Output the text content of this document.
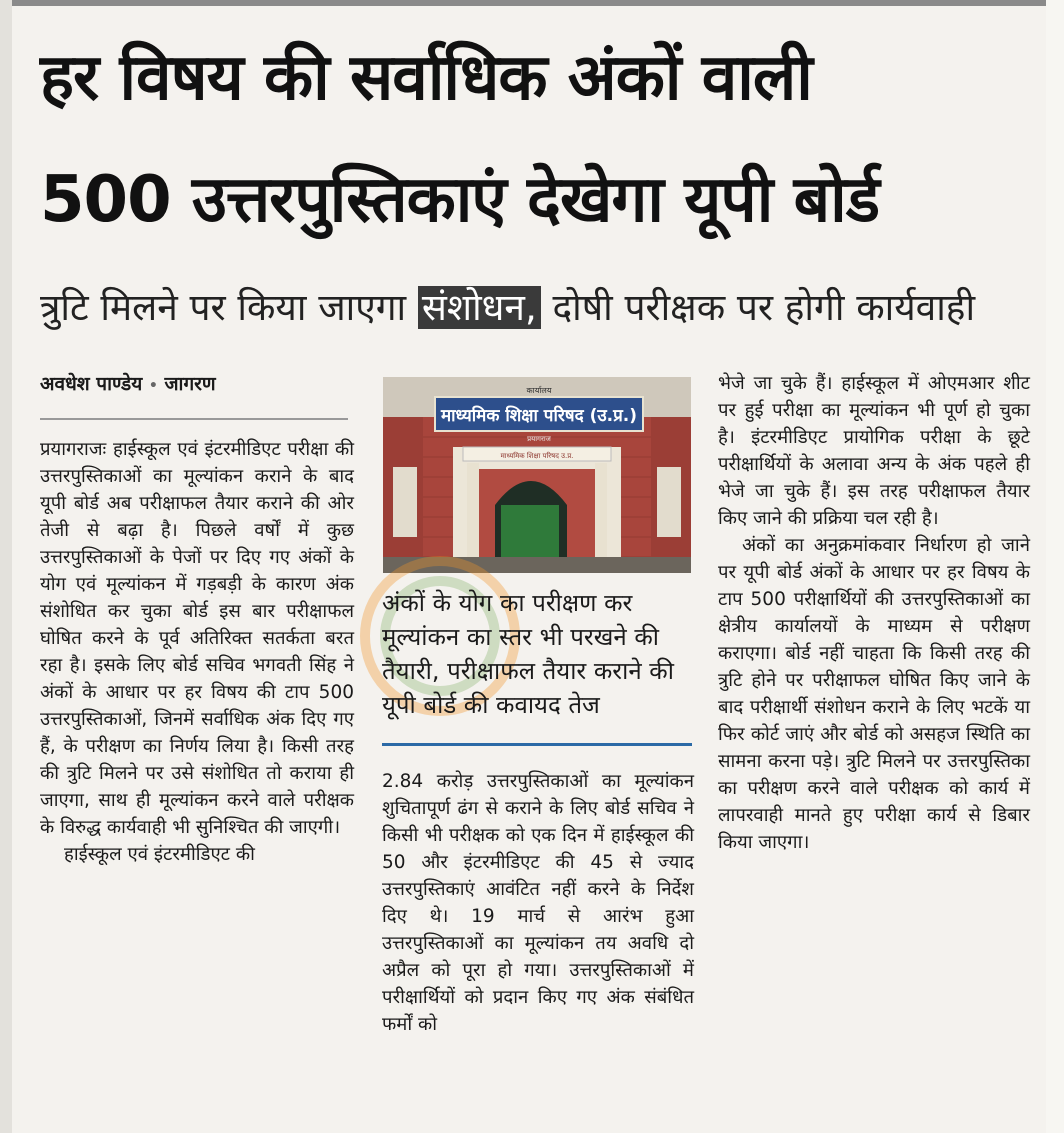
हर विषय की सर्वाधिक अंकों वाली
500 उत्तरपुस्तिकाएं देखेगा यूपी बोर्ड
त्रुटि मिलने पर किया जाएगा संशोधन, दोषी परीक्षक पर होगी कार्यवाही
अवधेश पाण्डेय • जागरण

प्रयागराजः हाईस्कूल एवं इंटरमीडिएट परीक्षा की उत्तरपुस्तिकाओं का मूल्यांकन कराने के बाद यूपी बोर्ड अब परीक्षाफल तैयार कराने की ओर तेजी से बढ़ा है। पिछले वर्षों में कुछ उत्तरपुस्तिकाओं के पेजों पर दिए गए अंकों के योग एवं मूल्यांकन में गड़बड़ी के कारण अंक संशोधित कर चुका बोर्ड इस बार परीक्षाफल घोषित करने के पूर्व अतिरिक्त सतर्कता बरत रहा है। इसके लिए बोर्ड सचिव भगवती सिंह ने अंकों के आधार पर हर विषय की टाप 500 उत्तरपुस्तिकाओं, जिनमें सर्वाधिक अंक दिए गए हैं, के परीक्षण का निर्णय लिया है। किसी तरह की त्रुटि मिलने पर उसे संशोधित तो कराया ही जाएगा, साथ ही मूल्यांकन करने वाले परीक्षक के विरुद्ध कार्यवाही भी सुनिश्चित की जाएगी।

हाईस्कूल एवं इंटरमीडिएट की

माध्यमिक शिक्षा परिषद (उ.प्र.)
कार्यालय
प्रयागराज
माध्यमिक शिक्षा परिषद उ.प्र.
अंकों के योग का परीक्षण कर मूल्यांकन का स्तर भी परखने की तैयारी, परीक्षाफल तैयार कराने की यूपी बोर्ड की कवायद तेज

2.84 करोड़ उत्तरपुस्तिकाओं का मूल्यांकन शुचितापूर्ण ढंग से कराने के लिए बोर्ड सचिव ने किसी भी परीक्षक को एक दिन में हाईस्कूल की 50 और इंटरमीडिएट की 45 से ज्याद उत्तरपुस्तिकाएं आवंटित नहीं करने के निर्देश दिए थे। 19 मार्च से आरंभ हुआ उत्तरपुस्तिकाओं का मूल्यांकन तय अवधि दो अप्रैल को पूरा हो गया। उत्तरपुस्तिकाओं में परीक्षार्थियों को प्रदान किए गए अंक संबंधित फर्मों को

भेजे जा चुके हैं। हाईस्कूल में ओएमआर शीट पर हुई परीक्षा का मूल्यांकन भी पूर्ण हो चुका है। इंटरमीडिएट प्रायोगिक परीक्षा के छूटे परीक्षार्थियों के अलावा अन्य के अंक पहले ही भेजे जा चुके हैं। इस तरह परीक्षाफल तैयार किए जाने की प्रक्रिया चल रही है।

अंकों का अनुक्रमांकवार निर्धारण हो जाने पर यूपी बोर्ड अंकों के आधार पर हर विषय के टाप 500 परीक्षार्थियों की उत्तरपुस्तिकाओं का क्षेत्रीय कार्यालयों के माध्यम से परीक्षण कराएगा। बोर्ड नहीं चाहता कि किसी तरह की त्रुटि होने पर परीक्षाफल घोषित किए जाने के बाद परीक्षार्थी संशोधन कराने के लिए भटकें या फिर कोर्ट जाएं और बोर्ड को असहज स्थिति का सामना करना पड़े। त्रुटि मिलने पर उत्तरपुस्तिका का परीक्षण करने वाले परीक्षक को कार्य में लापरवाही मानते हुए परीक्षा कार्य से डिबार किया जाएगा।
